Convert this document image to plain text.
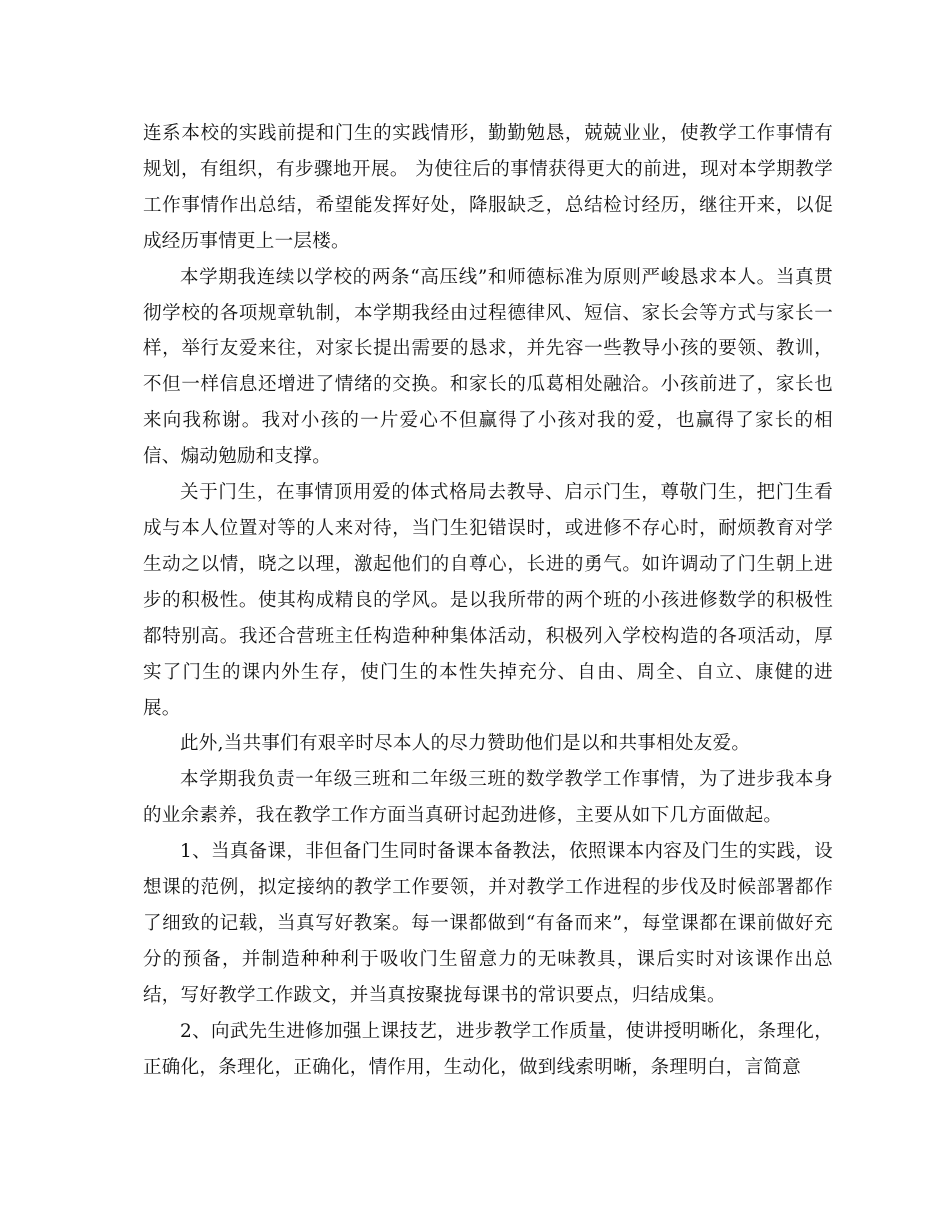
连系本校的实践前提和门生的实践情形，勤勤勉恳，兢兢业业，使教学工作事情有规划，有组织，有步骤地开展。 为使往后的事情获得更大的前进，现对本学期教学工作事情作出总结，希望能发挥好处，降服缺乏，总结检讨经历，继往开来，以促成经历事情更上一层楼。

本学期我连续以学校的两条“高压线”和师德标准为原则严峻恳求本人。当真贯彻学校的各项规章轨制，本学期我经由过程德律风、短信、家长会等方式与家长一样，举行友爱来往，对家长提出需要的恳求，并先容一些教导小孩的要领、教训，不但一样信息还增进了情绪的交换。和家长的瓜葛相处融洽。小孩前进了，家长也来向我称谢。我对小孩的一片爱心不但赢得了小孩对我的爱，也赢得了家长的相信、煽动勉励和支撑。

关于门生，在事情顶用爱的体式格局去教导、启示门生，尊敬门生，把门生看成与本人位置对等的人来对待，当门生犯错误时，或进修不存心时，耐烦教育对学生动之以情，晓之以理，激起他们的自尊心，长进的勇气。如许调动了门生朝上进步的积极性。使其构成精良的学风。是以我所带的两个班的小孩进修数学的积极性都特别高。我还合营班主任构造种种集体活动，积极列入学校构造的各项活动，厚实了门生的课内外生存，使门生的本性失掉充分、自由、周全、自立、康健的进展。

此外,当共事们有艰辛时尽本人的尽力赞助他们是以和共事相处友爱。

本学期我负责一年级三班和二年级三班的数学教学工作事情，为了进步我本身的业余素养，我在教学工作方面当真研讨起劲进修，主要从如下几方面做起。

1、当真备课，非但备门生同时备课本备教法，依照课本内容及门生的实践，设想课的范例，拟定接纳的教学工作要领，并对教学工作进程的步伐及时候部署都作了细致的记载，当真写好教案。每一课都做到“有备而来”，每堂课都在课前做好充分的预备，并制造种种利于吸收门生留意力的无味教具，课后实时对该课作出总结，写好教学工作跋文，并当真按聚拢每课书的常识要点，归结成集。

2、向武先生进修加强上课技艺，进步教学工作质量，使讲授明晰化，条理化，正确化，条理化，正确化，情作用，生动化，做到线索明晰，条理明白，言简意
